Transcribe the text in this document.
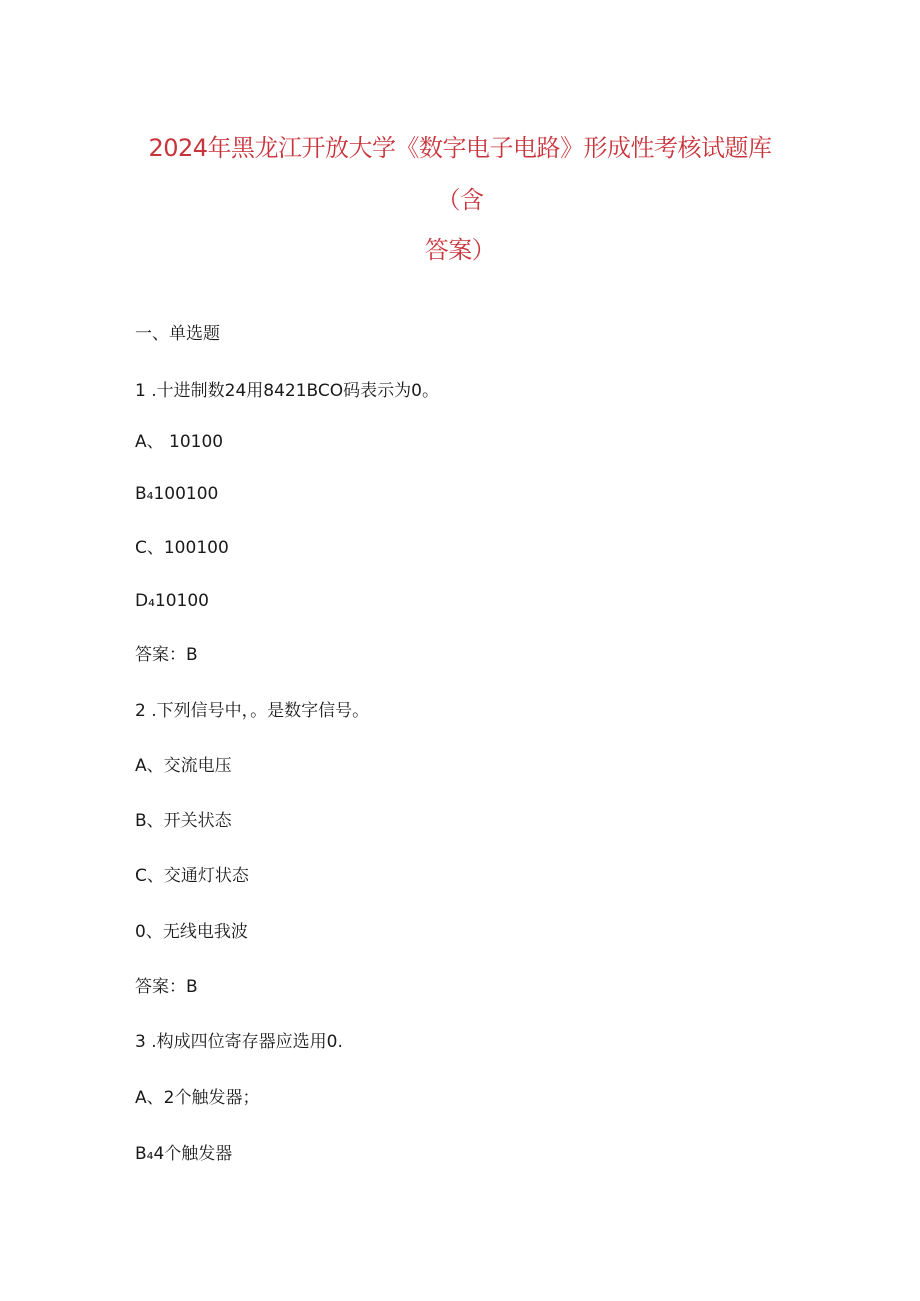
2024年黑龙江开放大学《数字电子电路》形成性考核试题库
（含
答案）
一、单选题
1 .十进制数24用8421BCO码表示为0。
A、 10100
B₄100100
C、100100
D₄10100
答案：B
2 .下列信号中，。是数字信号。
A、交流电压
B、开关状态
C、交通灯状态
0、无线电我波
答案：B
3 .构成四位寄存器应选用0.
A、2个触发器；
B₄4个触发器
